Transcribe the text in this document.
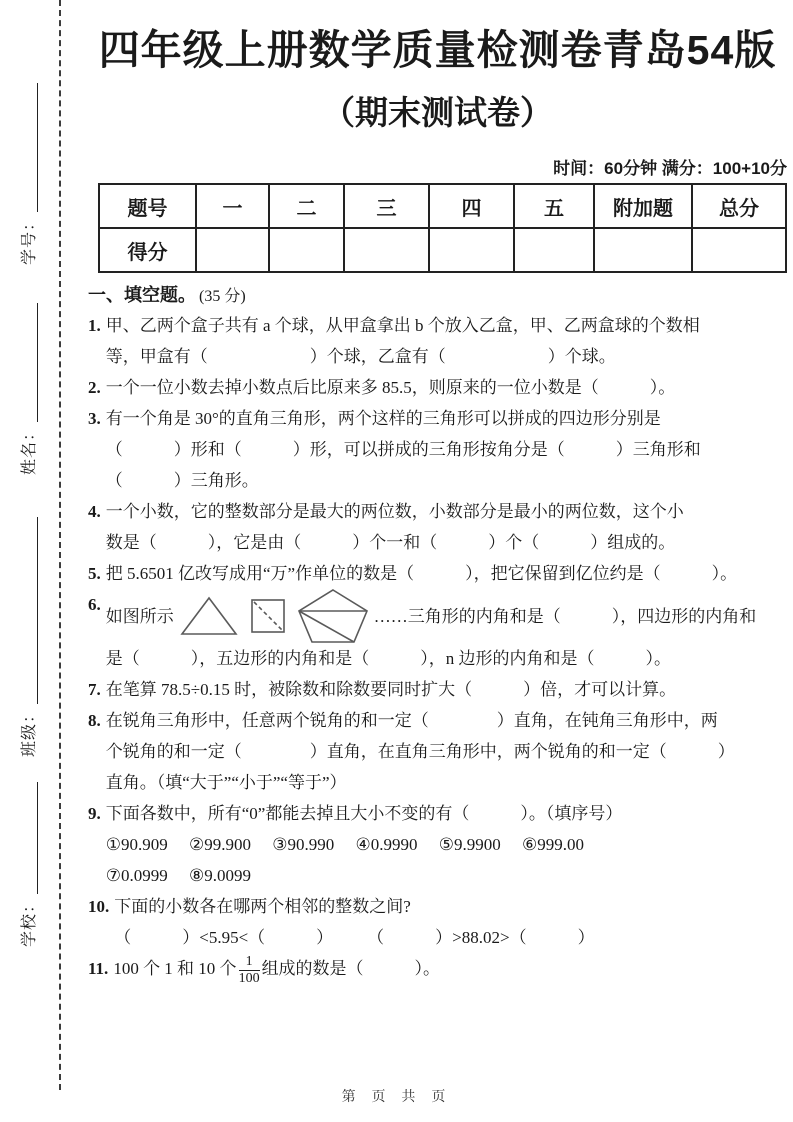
学号：
姓名：
班级：
学校：
四年级上册数学质量检测卷青岛54版
（期末测试卷）
时间：60分钟 满分：100+10分
题号	一	二	三	四	五	附加题	总分
得分							
一、填空题。 (35 分)
1. 甲、乙两个盒子共有 a 个球，从甲盒拿出 b 个放入乙盒，甲、乙两盒球的个数相
等，甲盒有（　　　　　　）个球，乙盒有（　　　　　　）个球。
2. 一个一位小数去掉小数点后比原来多 85.5，则原来的一位小数是（　　　）。
3. 有一个角是 30°的直角三角形，两个这样的三角形可以拼成的四边形分别是
（　　　）形和（　　　）形，可以拼成的三角形按角分是（　　　）三角形和
（　　　）三角形。
4. 一个小数，它的整数部分是最大的两位数，小数部分是最小的两位数，这个小
数是（　　　），它是由（　　　）个一和（　　　）个（　　　）组成的。
5. 把 5.6501 亿改写成用“万”作单位的数是（　　　），把它保留到亿位约是（　　　）。
6.
如图所示	……三角形的内角和是（　　　），四边形的内角和
是（　　　），五边形的内角和是（　　　），n 边形的内角和是（　　　）。
7. 在笔算 78.5÷0.15 时，被除数和除数要同时扩大（　　　）倍，才可以计算。
8. 在锐角三角形中，任意两个锐角的和一定（　　　　）直角，在钝角三角形中，两
个锐角的和一定（　　　　）直角，在直角三角形中，两个锐角的和一定（　　　）
直角。（填“大于”“小于”“等于”）
9. 下面各数中，所有“0”都能去掉且大小不变的有（　　　）。（填序号）
①90.909　 ②99.900　 ③90.990　 ④0.9990　 ⑤9.9900　 ⑥999.00
⑦0.0999　 ⑧9.0099
10. 下面的小数各在哪两个相邻的整数之间?
（　　　）<5.95<（　　　）　　　（　　　）>88.02>（　　　）
11. 100 个 1 和 10 个 $\frac{1}{100}$ 组成的数是（　　　）。
第 页 共 页
